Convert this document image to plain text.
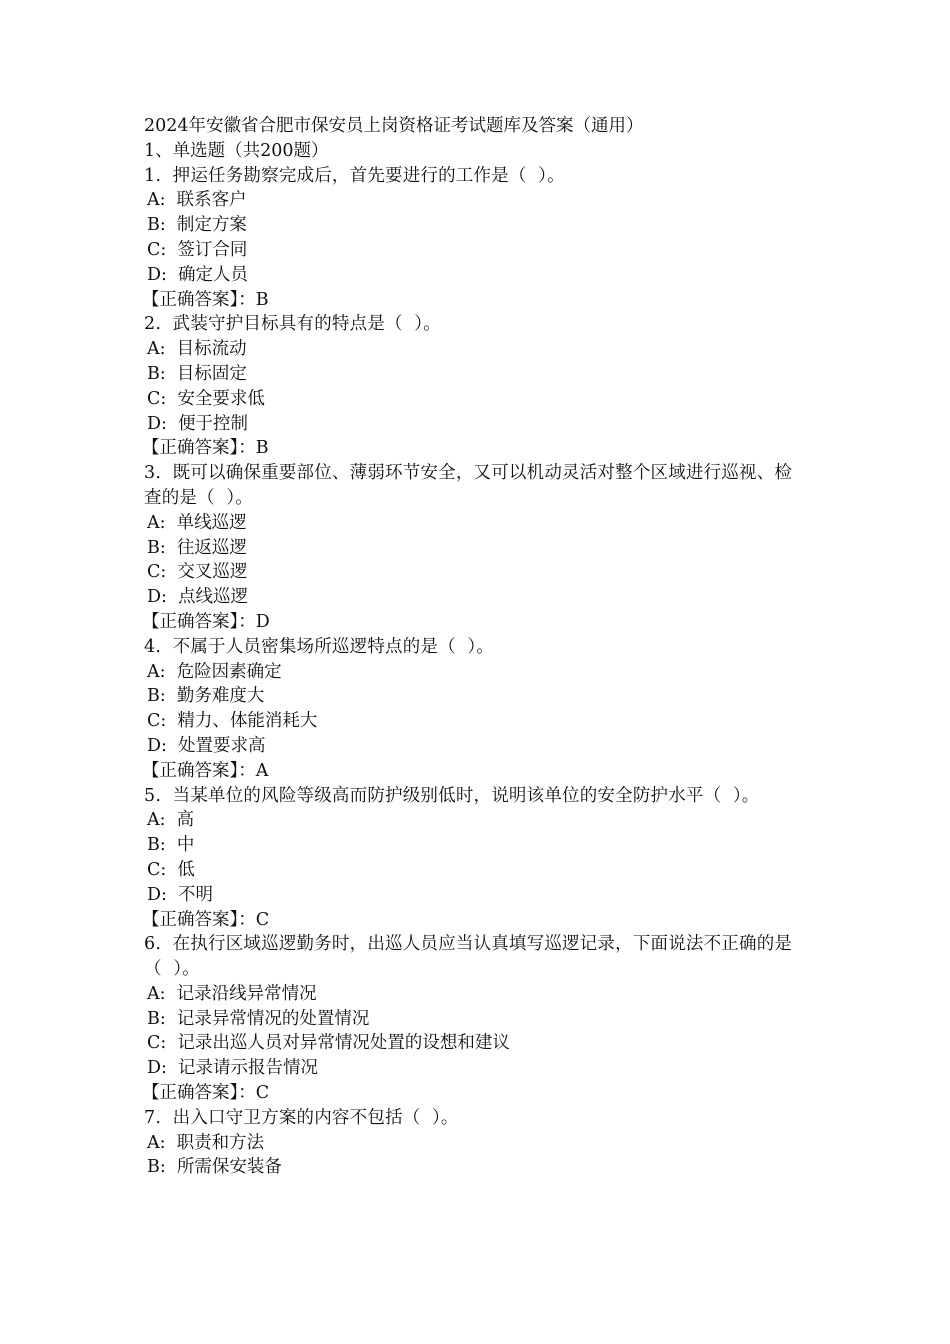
2024年安徽省合肥市保安员上岗资格证考试题库及答案（通用）
1、单选题（共200题）
1.  押运任务勘察完成后，首先要进行的工作是（  ）。
A:  联系客户
B:  制定方案
C:  签订合同
D:  确定人员
【正确答案】：B
2.  武装守护目标具有的特点是（  ）。
A:  目标流动
B:  目标固定
C:  安全要求低
D:  便于控制
【正确答案】：B
3.  既可以确保重要部位、薄弱环节安全，又可以机动灵活对整个区域进行巡视、检查的是（  ）。
A:  单线巡逻
B:  往返巡逻
C:  交叉巡逻
D:  点线巡逻
【正确答案】：D
4.  不属于人员密集场所巡逻特点的是（  ）。
A:  危险因素确定
B:  勤务难度大
C:  精力、体能消耗大
D:  处置要求高
【正确答案】：A
5.  当某单位的风险等级高而防护级别低时，说明该单位的安全防护水平（  ）。
A:  高
B:  中
C:  低
D:  不明
【正确答案】：C
6.  在执行区域巡逻勤务时，出巡人员应当认真填写巡逻记录，下面说法不正确的是（  ）。
A:  记录沿线异常情况
B:  记录异常情况的处置情况
C:  记录出巡人员对异常情况处置的设想和建议
D:  记录请示报告情况
【正确答案】：C
7.  出入口守卫方案的内容不包括（  ）。
A:  职责和方法
B:  所需保安装备
